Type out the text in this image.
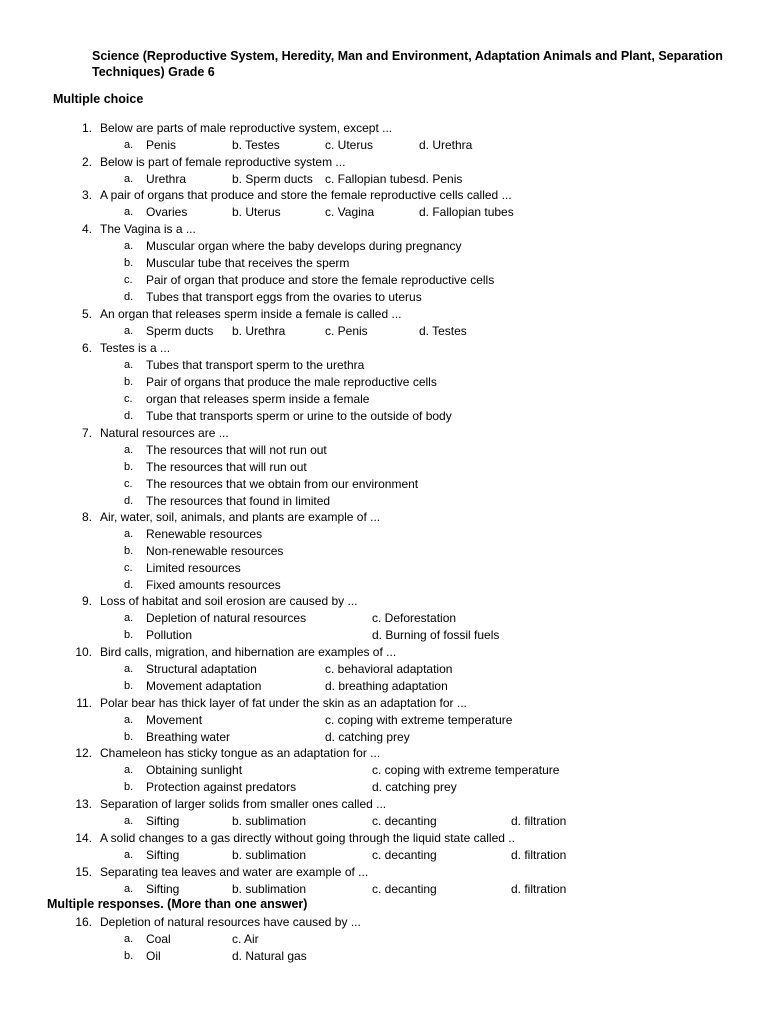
Science (Reproductive System, Heredity, Man and Environment, Adaptation Animals and Plant, Separation Techniques) Grade 6
Multiple choice
Multiple responses. (More than one answer)
1. Below are parts of male reproductive system, except ...
a. Penis	b. Testes	c. Uterus	d. Urethra
2. Below is part of female reproductive system ...
a. Urethra	b. Sperm ducts c. Fallopian tubes d. Penis
3. A pair of organs that produce and store the female reproductive cells called ...
a. Ovaries	b. Uterus	c. Vagina	d. Fallopian tubes
4. The Vagina is a ...
a. Muscular organ where the baby develops during pregnancy
b. Muscular tube that receives the sperm
c. Pair of organ that produce and store the female reproductive cells
d. Tubes that transport eggs from the ovaries to uterus
5. An organ that releases sperm inside a female is called ...
a. Sperm ducts b. Urethra	c. Penis	d. Testes
6. Testes is a ...
a. Tubes that transport sperm to the urethra
b. Pair of organs that produce the male reproductive cells
c. organ that releases sperm inside a female
d. Tube that transports sperm or urine to the outside of body
7. Natural resources are ...
a. The resources that will not run out
b. The resources that will run out
c. The resources that we obtain from our environment
d. The resources that found in limited
8. Air, water, soil, animals, and plants are example of ...
a. Renewable resources
b. Non-renewable resources
c. Limited resources
d. Fixed amounts resources
9. Loss of habitat and soil erosion are caused by ...
a. Depletion of natural resources	c. Deforestation
b. Pollution	d. Burning of fossil fuels
10. Bird calls, migration, and hibernation are examples of ...
a. Structural adaptation	c. behavioral adaptation
b. Movement adaptation	d. breathing adaptation
11. Polar bear has thick layer of fat under the skin as an adaptation for ...
a. Movement	c. coping with extreme temperature
b. Breathing water	d. catching prey
12. Chameleon has sticky tongue as an adaptation for ...
a. Obtaining sunlight	c. coping with extreme temperature
b. Protection against predators	d. catching prey
13. Separation of larger solids from smaller ones called ...
a. Sifting	b. sublimation	c. decanting	d. filtration
14. A solid changes to a gas directly without going through the liquid state called ..
a. Sifting	b. sublimation	c. decanting	d. filtration
15. Separating tea leaves and water are example of ...
a. Sifting	b. sublimation	c. decanting	d. filtration
16. Depletion of natural resources have caused by ...
a. Coal	c. Air
b. Oil	d. Natural gas
